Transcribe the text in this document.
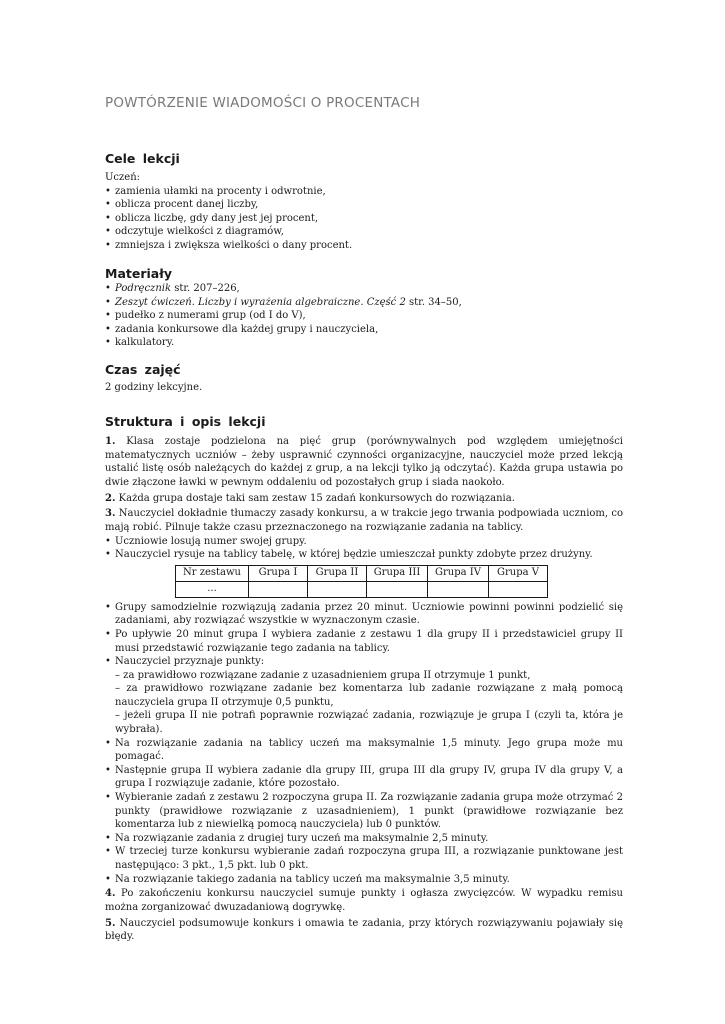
POWTÓRZENIE WIADOMOŚCI O PROCENTACH
Cele lekcji
Uczeń:
• zamienia ułamki na procenty i odwrotnie,
• oblicza procent danej liczby,
• oblicza liczbę, gdy dany jest jej procent,
• odczytuje wielkości z diagramów,
• zmniejsza i zwiększa wielkości o dany procent.
Materiały
• Podręcznik str. 207–226,
• Zeszyt ćwiczeń. Liczby i wyrażenia algebraiczne. Część 2 str. 34–50,
• pudełko z numerami grup (od I do V),
• zadania konkursowe dla każdej grupy i nauczyciela,
• kalkulatory.
Czas zajęć
2 godziny lekcyjne.
Struktura i opis lekcji
1. Klasa zostaje podzielona na pięć grup (porównywalnych pod względem umiejętności matematycznych uczniów – żeby usprawnić czynności organizacyjne, nauczyciel może przed lekcją ustalić listę osób należących do każdej z grup, a na lekcji tylko ją odczytać). Każda grupa ustawia po dwie złączone ławki w pewnym oddaleniu od pozostałych grup i siada naokoło.
2. Każda grupa dostaje taki sam zestaw 15 zadań konkursowych do rozwiązania.
3. Nauczyciel dokładnie tłumaczy zasady konkursu, a w trakcie jego trwania podpowiada uczniom, co mają robić. Pilnuje także czasu przeznaczonego na rozwiązanie zadania na tablicy.
• Uczniowie losują numer swojej grupy.
• Nauczyciel rysuje na tablicy tabelę, w której będzie umieszczał punkty zdobyte przez drużyny.
Nr zestawu	Grupa I	Grupa II	Grupa III	Grupa IV	Grupa V
...					
• Grupy samodzielnie rozwiązują zadania przez 20 minut. Uczniowie powinni powinni podzielić się zadaniami, aby rozwiązać wszystkie w wyznaczonym czasie.
• Po upływie 20 minut grupa I wybiera zadanie z zestawu 1 dla grupy II i przedstawiciel grupy II musi przedstawić rozwiązanie tego zadania na tablicy.
• Nauczyciel przyznaje punkty:
– za prawidłowo rozwiązane zadanie z uzasadnieniem grupa II otrzymuje 1 punkt,
– za prawidłowo rozwiązane zadanie bez komentarza lub zadanie rozwiązane z małą pomocą nauczyciela grupa II otrzymuje 0,5 punktu,
– jeżeli grupa II nie potrafi poprawnie rozwiązać zadania, rozwiązuje je grupa I (czyli ta, która je wybrała).
• Na rozwiązanie zadania na tablicy uczeń ma maksymalnie 1,5 minuty. Jego grupa może mu pomagać.
• Następnie grupa II wybiera zadanie dla grupy III, grupa III dla grupy IV, grupa IV dla grupy V, a grupa I rozwiązuje zadanie, które pozostało.
• Wybieranie zadań z zestawu 2 rozpoczyna grupa II. Za rozwiązanie zadania grupa może otrzymać 2 punkty (prawidłowe rozwiązanie z uzasadnieniem), 1 punkt (prawidłowe rozwiązanie bez komentarza lub z niewielką pomocą nauczyciela) lub 0 punktów.
• Na rozwiązanie zadania z drugiej tury uczeń ma maksymalnie 2,5 minuty.
• W trzeciej turze konkursu wybieranie zadań rozpoczyna grupa III, a rozwiązanie punktowane jest następująco: 3 pkt., 1,5 pkt. lub 0 pkt.
• Na rozwiązanie takiego zadania na tablicy uczeń ma maksymalnie 3,5 minuty.
4. Po zakończeniu konkursu nauczyciel sumuje punkty i ogłasza zwycięzców. W wypadku remisu można zorganizować dwuzadaniową dogrywkę.
5. Nauczyciel podsumowuje konkurs i omawia te zadania, przy których rozwiązywaniu pojawiały się błędy.
